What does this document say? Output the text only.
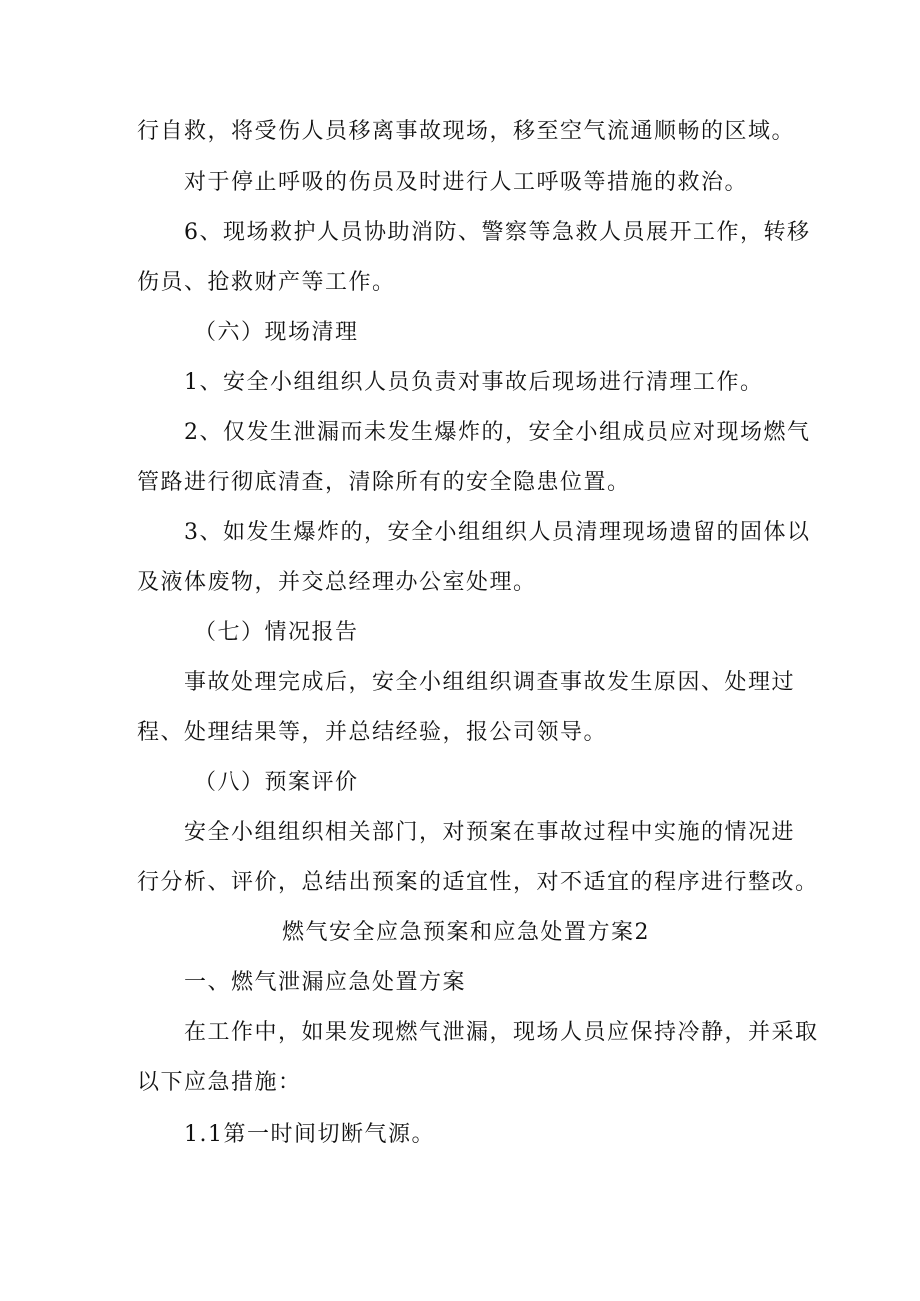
行自救，将受伤人员移离事故现场，移至空气流通顺畅的区域。
对于停止呼吸的伤员及时进行人工呼吸等措施的救治。
6、现场救护人员协助消防、警察等急救人员展开工作，转移
伤员、抢救财产等工作。
（六）现场清理
1、安全小组组织人员负责对事故后现场进行清理工作。
2、仅发生泄漏而未发生爆炸的，安全小组成员应对现场燃气
管路进行彻底清查，清除所有的安全隐患位置。
3、如发生爆炸的，安全小组组织人员清理现场遗留的固体以
及液体废物，并交总经理办公室处理。
（七）情况报告
事故处理完成后，安全小组组织调查事故发生原因、处理过
程、处理结果等，并总结经验，报公司领导。
（八）预案评价
安全小组组织相关部门，对预案在事故过程中实施的情况进
行分析、评价，总结出预案的适宜性，对不适宜的程序进行整改。
燃气安全应急预案和应急处置方案2
一、燃气泄漏应急处置方案
在工作中，如果发现燃气泄漏，现场人员应保持冷静，并采取
以下应急措施：
1.1第一时间切断气源。
